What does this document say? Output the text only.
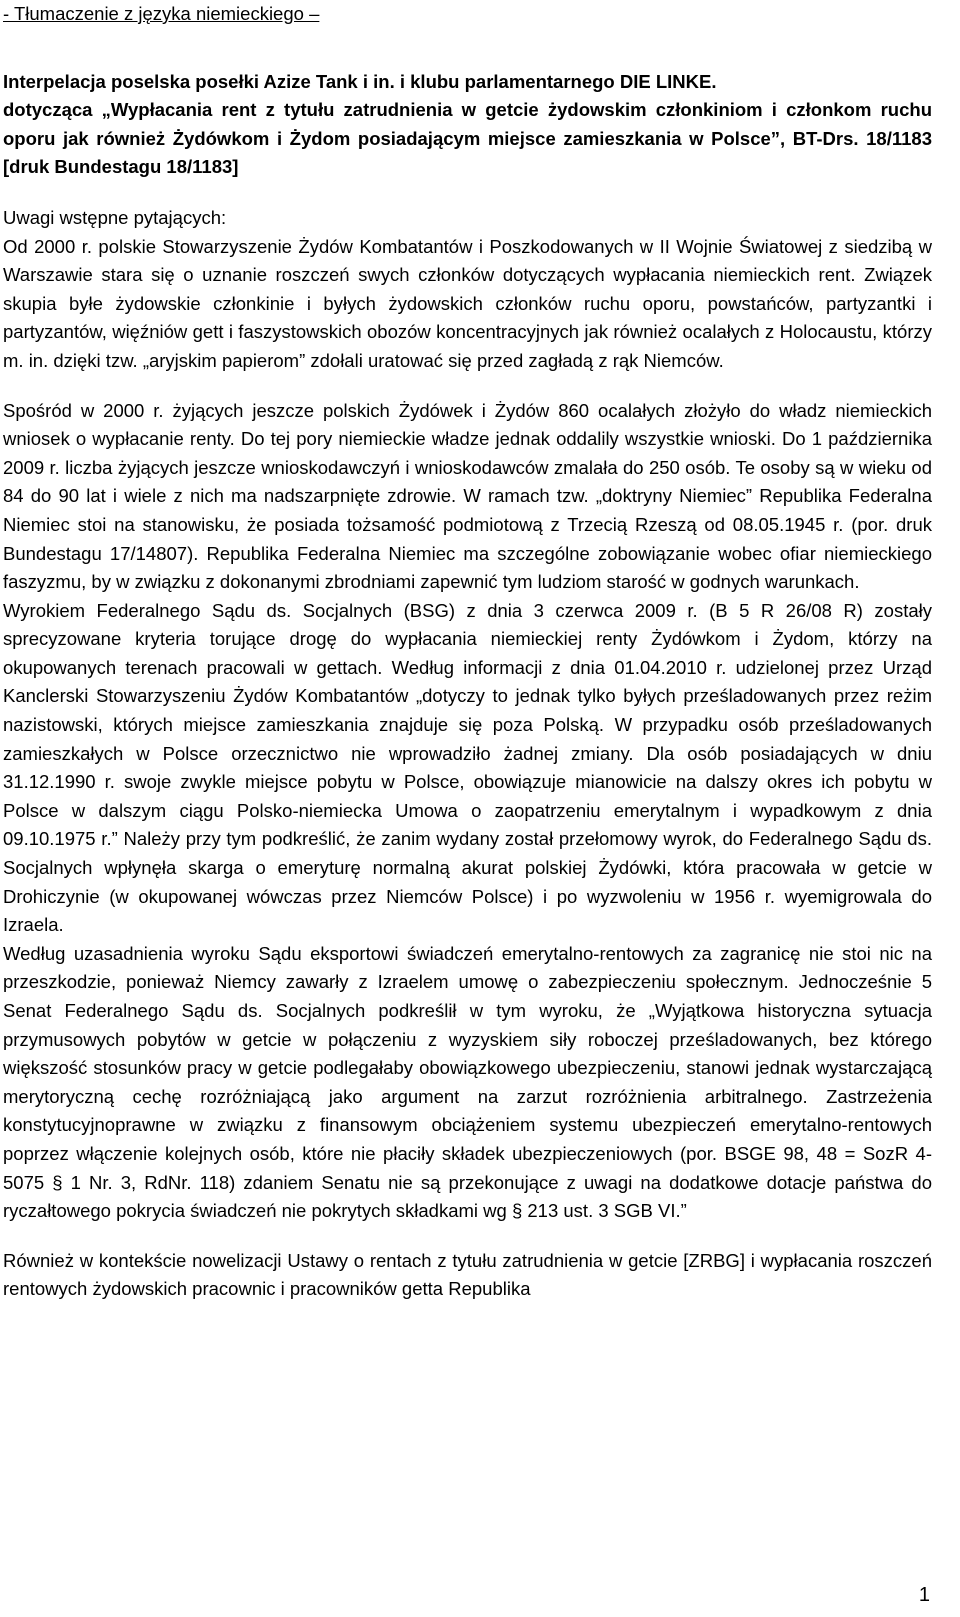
- Tłumaczenie z języka niemieckiego –

Interpelacja poselska posełki Azize Tank i in. i klubu parlamentarnego DIE LINKE.

dotycząca „Wypłacania rent z tytułu zatrudnienia w getcie żydowskim członkiniom i członkom ruchu oporu jak również Żydówkom i Żydom posiadającym miejsce zamieszkania w Polsce”, BT-Drs. 18/1183 [druk Bundestagu 18/1183]

Uwagi wstępne pytających:

Od 2000 r. polskie Stowarzyszenie Żydów Kombatantów i Poszkodowanych w II Wojnie Światowej z siedzibą w Warszawie stara się o uznanie roszczeń swych członków dotyczących wypłacania niemieckich rent. Związek skupia byłe żydowskie członkinie i byłych żydowskich członków ruchu oporu, powstańców, partyzantki i partyzantów, więźniów gett i faszystowskich obozów koncentracyjnych jak również ocalałych z Holocaustu, którzy m. in. dzięki tzw. „aryjskim papierom” zdołali uratować się przed zagładą z rąk Niemców.

Spośród w 2000 r. żyjących jeszcze polskich Żydówek i Żydów 860 ocalałych złożyło do władz niemieckich wniosek o wypłacanie renty. Do tej pory niemieckie władze jednak oddalily wszystkie wnioski. Do 1 października 2009 r. liczba żyjących jeszcze wnioskodawczyń i wnioskodawców zmalała do 250 osób. Te osoby są w wieku od 84 do 90 lat i wiele z nich ma nadszarpnięte zdrowie. W ramach tzw. „doktryny Niemiec” Republika Federalna Niemiec stoi na stanowisku, że posiada tożsamość podmiotową z Trzecią Rzeszą od 08.05.1945 r. (por. druk Bundestagu 17/14807). Republika Federalna Niemiec ma szczególne zobowiązanie wobec ofiar niemieckiego faszyzmu, by w związku z dokonanymi zbrodniami zapewnić tym ludziom starość w godnych warunkach.

Wyrokiem Federalnego Sądu ds. Socjalnych (BSG) z dnia 3 czerwca 2009 r. (B 5 R 26/08 R) zostały sprecyzowane kryteria torujące drogę do wypłacania niemieckiej renty Żydówkom i Żydom, którzy na okupowanych terenach pracowali w gettach. Według informacji z dnia 01.04.2010 r. udzielonej przez Urząd Kanclerski Stowarzyszeniu Żydów Kombatantów „dotyczy to jednak tylko byłych prześladowanych przez reżim nazistowski, których miejsce zamieszkania znajduje się poza Polską. W przypadku osób prześladowanych zamieszkałych w Polsce orzecznictwo nie wprowadziło żadnej zmiany. Dla osób posiadających w dniu 31.12.1990 r. swoje zwykle miejsce pobytu w Polsce, obowiązuje mianowicie na dalszy okres ich pobytu w Polsce w dalszym ciągu Polsko-niemiecka Umowa o zaopatrzeniu emerytalnym i wypadkowym z dnia 09.10.1975 r.” Należy przy tym podkreślić, że zanim wydany został przełomowy wyrok, do Federalnego Sądu ds. Socjalnych wpłynęła skarga o emeryturę normalną akurat polskiej Żydówki, która pracowała w getcie w Drohiczynie (w okupowanej wówczas przez Niemców Polsce) i po wyzwoleniu w 1956 r. wyemigrowala do Izraela.

Według uzasadnienia wyroku Sądu eksportowi świadczeń emerytalno-rentowych za zagranicę nie stoi nic na przeszkodzie, ponieważ Niemcy zawarły z Izraelem umowę o zabezpieczeniu społecznym. Jednocześnie 5 Senat Federalnego Sądu ds. Socjalnych podkreślił w tym wyroku, że „Wyjątkowa historyczna sytuacja przymusowych pobytów w getcie w połączeniu z wyzyskiem siły roboczej prześladowanych, bez którego większość stosunków pracy w getcie podlegałaby obowiązkowego ubezpieczeniu, stanowi jednak wystarczającą merytoryczną cechę rozróżniającą jako argument na zarzut rozróżnienia arbitralnego. Zastrzeżenia konstytucyjnoprawne w związku z finansowym obciążeniem systemu ubezpieczeń emerytalno-rentowych poprzez włączenie kolejnych osób, które nie płaciły składek ubezpieczeniowych (por. BSGE 98, 48 = SozR 4-5075 § 1 Nr. 3, RdNr. 118) zdaniem Senatu nie są przekonujące z uwagi na dodatkowe dotacje państwa do ryczałtowego pokrycia świadczeń nie pokrytych składkami wg § 213 ust. 3 SGB VI.”

Również w kontekście nowelizacji Ustawy o rentach z tytułu zatrudnienia w getcie [ZRBG] i wypłacania roszczeń rentowych żydowskich pracownic i pracowników getta Republika

1
